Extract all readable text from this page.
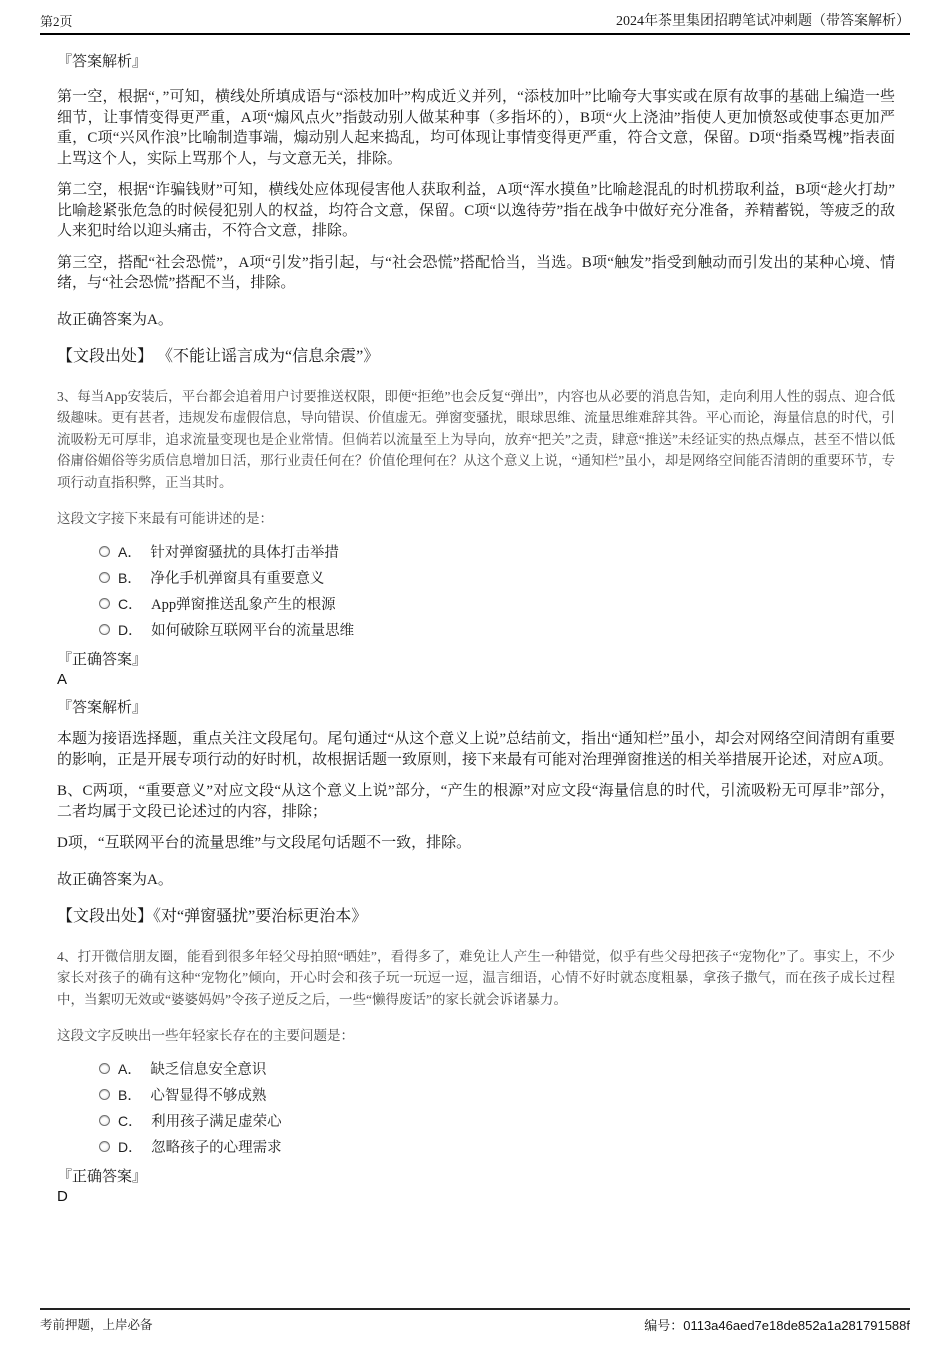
第2页	2024年茶里集团招聘笔试冲刺题（带答案解析）
『答案解析』

第一空，根据“，”可知，横线处所填成语与“添枝加叶”构成近义并列，“添枝加叶”比喻夸大事实或在原有故事的基础上编造一些细节，让事情变得更严重，A项“煽风点火”指鼓动别人做某种事（多指坏的），B项“火上浇油”指使人更加愤怒或使事态更加严重，C项“兴风作浪”比喻制造事端，煽动别人起来捣乱，均可体现让事情变得更严重，符合文意，保留。D项“指桑骂槐”指表面上骂这个人，实际上骂那个人，与文意无关，排除。

第二空，根据“诈骗钱财”可知，横线处应体现侵害他人获取利益，A项“浑水摸鱼”比喻趁混乱的时机捞取利益，B项“趁火打劫”比喻趁紧张危急的时候侵犯别人的权益，均符合文意，保留。C项“以逸待劳”指在战争中做好充分准备，养精蓄锐，等疲乏的敌人来犯时给以迎头痛击，不符合文意，排除。

第三空，搭配“社会恐慌”，A项“引发”指引起，与“社会恐慌”搭配恰当，当选。B项“触发”指受到触动而引发出的某种心境、情绪，与“社会恐慌”搭配不当，排除。

故正确答案为A。
【文段出处】 《不能让谣言成为“信息余震”》

3、每当App安装后，平台都会追着用户讨要推送权限，即便“拒绝”也会反复“弹出”，内容也从必要的消息告知，走向利用人性的弱点、迎合低级趣味。更有甚者，违规发布虚假信息，导向错误、价值虚无。弹窗变骚扰，眼球思维、流量思维难辞其咎。平心而论，海量信息的时代，引流吸粉无可厚非，追求流量变现也是企业常情。但倘若以流量至上为导向，放弃“把关”之责，肆意“推送”未经证实的热点爆点，甚至不惜以低俗庸俗媚俗等劣质信息增加日活，那行业责任何在？价值伦理何在？从这个意义上说，“通知栏”虽小，却是网络空间能否清朗的重要环节，专项行动直指积弊，正当其时。

这段文字接下来最有可能讲述的是：
A． 针对弹窗骚扰的具体打击举措
B． 净化手机弹窗具有重要意义
C． App弹窗推送乱象产生的根源
D． 如何破除互联网平台的流量思维
『正确答案』
A
『答案解析』

本题为接语选择题，重点关注文段尾句。尾句通过“从这个意义上说”总结前文，指出“通知栏”虽小，却会对网络空间清朗有重要的影响，正是开展专项行动的好时机，故根据话题一致原则，接下来最有可能对治理弹窗推送的相关举措展开论述，对应A项。

B、C两项，“重要意义”对应文段“从这个意义上说”部分，“产生的根源”对应文段“海量信息的时代，引流吸粉无可厚非”部分，二者均属于文段已论述过的内容，排除；

D项，“互联网平台的流量思维”与文段尾句话题不一致，排除。

故正确答案为A。
【文段出处】《对“弹窗骚扰”要治标更治本》

4、打开微信朋友圈，能看到很多年轻父母拍照“晒娃”，看得多了，难免让人产生一种错觉，似乎有些父母把孩子“宠物化”了。事实上，不少家长对孩子的确有这种“宠物化”倾向，开心时会和孩子玩一玩逗一逗，温言细语，心情不好时就态度粗暴，拿孩子撒气，而在孩子成长过程中，当絮叨无效或“婆婆妈妈”令孩子逆反之后，一些“懒得废话”的家长就会诉诸暴力。

这段文字反映出一些年轻家长存在的主要问题是：
A． 缺乏信息安全意识
B． 心智显得不够成熟
C． 利用孩子满足虚荣心
D． 忽略孩子的心理需求
『正确答案』
D
考前押题，上岸必备	编号：0113a46aed7e18de852a1a281791588f
